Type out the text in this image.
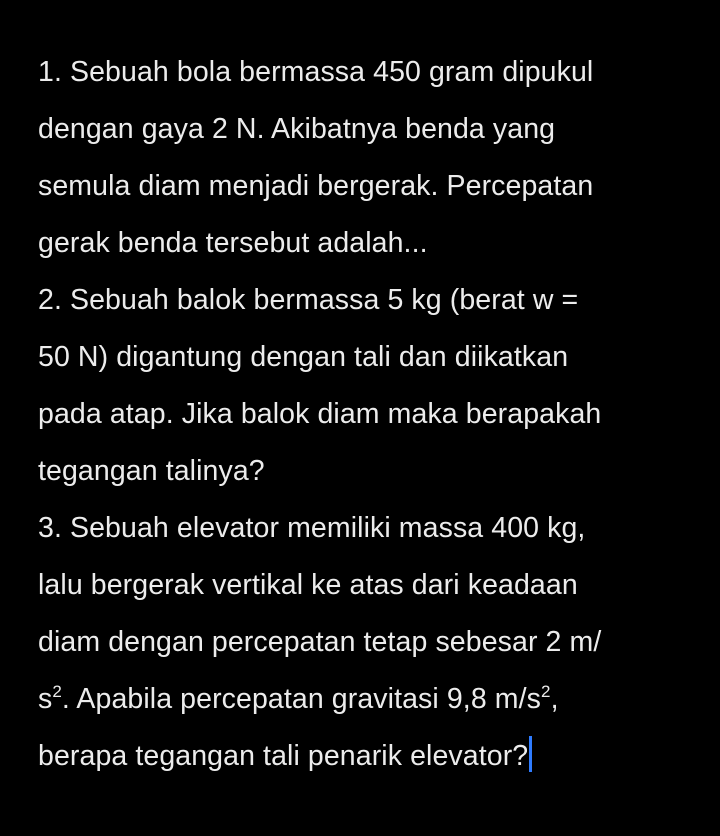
1. Sebuah bola bermassa 450 gram dipukul
dengan gaya 2 N. Akibatnya benda yang
semula diam menjadi bergerak. Percepatan
gerak benda tersebut adalah...
2. Sebuah balok bermassa 5 kg (berat w =
50 N) digantung dengan tali dan diikatkan
pada atap. Jika balok diam maka berapakah
tegangan talinya?
3. Sebuah elevator memiliki massa 400 kg,
lalu bergerak vertikal ke atas dari keadaan
diam dengan percepatan tetap sebesar 2 m/
$s^2$. Apabila percepatan gravitasi 9,8 $m/s^2$,
berapa tegangan tali penarik elevator?
